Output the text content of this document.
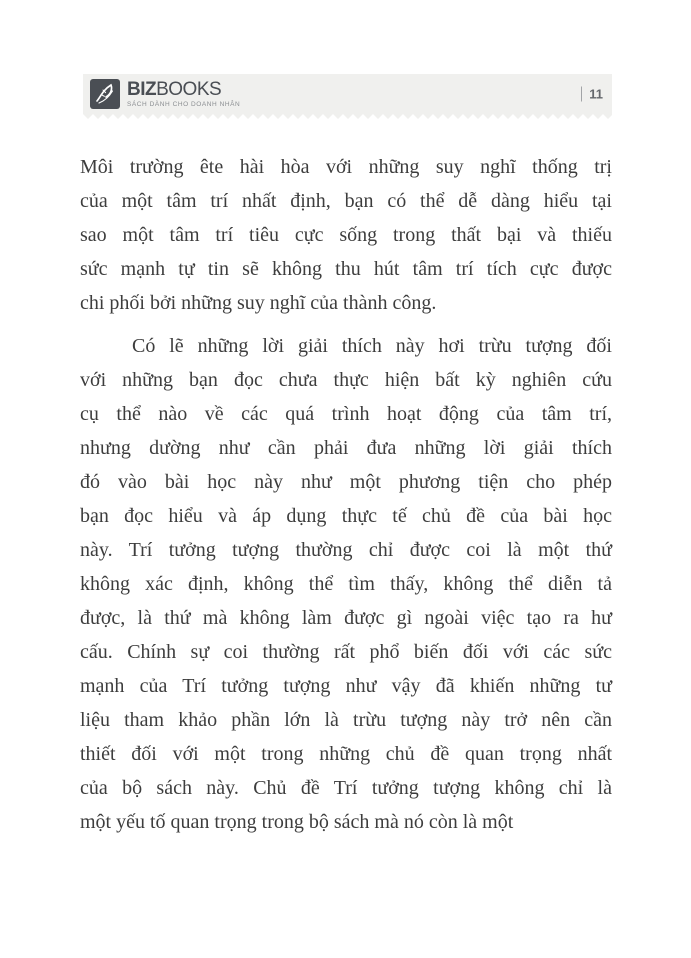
BIZBOOKS
SÁCH DÀNH CHO DOANH NHÂN
11
Môi trường ête hài hòa với những suy nghĩ thống trị
của một tâm trí nhất định, bạn có thể dễ dàng hiểu tại
sao một tâm trí tiêu cực sống trong thất bại và thiếu
sức mạnh tự tin sẽ không thu hút tâm trí tích cực được
chi phối bởi những suy nghĩ của thành công.
Có lẽ những lời giải thích này hơi trừu tượng đối
với những bạn đọc chưa thực hiện bất kỳ nghiên cứu
cụ thể nào về các quá trình hoạt động của tâm trí,
nhưng dường như cần phải đưa những lời giải thích
đó vào bài học này như một phương tiện cho phép
bạn đọc hiểu và áp dụng thực tế chủ đề của bài học
này. Trí tưởng tượng thường chỉ được coi là một thứ
không xác định, không thể tìm thấy, không thể diễn tả
được, là thứ mà không làm được gì ngoài việc tạo ra hư
cấu. Chính sự coi thường rất phổ biến đối với các sức
mạnh của Trí tưởng tượng như vậy đã khiến những tư
liệu tham khảo phần lớn là trừu tượng này trở nên cần
thiết đối với một trong những chủ đề quan trọng nhất
của bộ sách này. Chủ đề Trí tưởng tượng không chỉ là
một yếu tố quan trọng trong bộ sách mà nó còn là một
